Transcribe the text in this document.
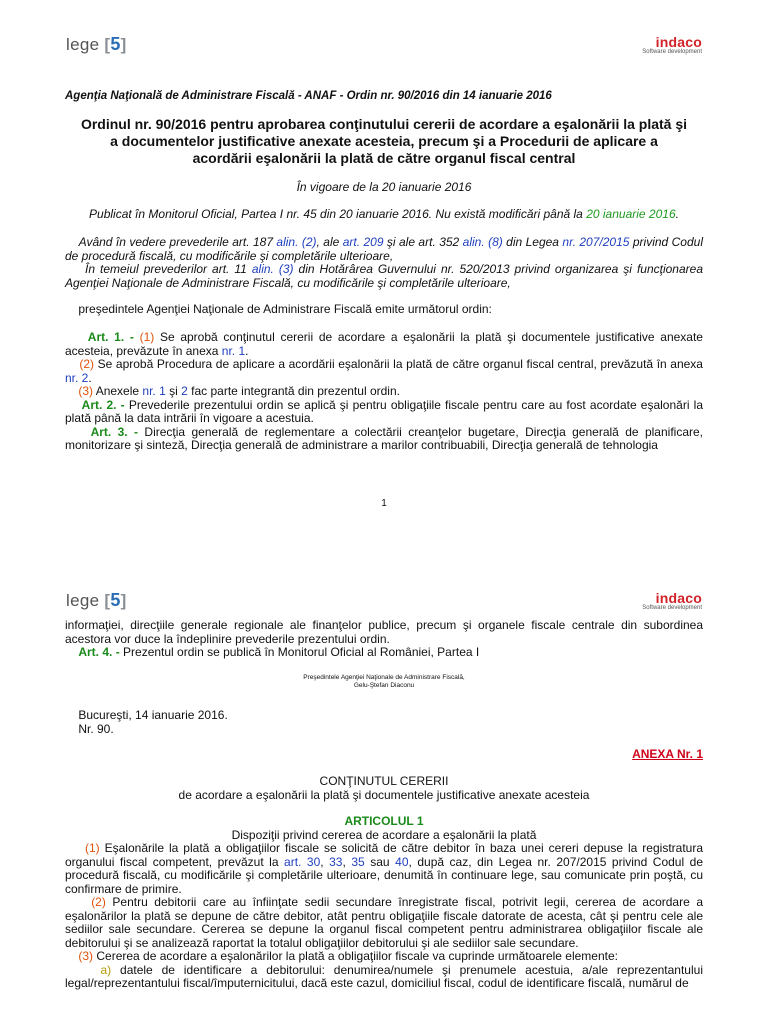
lege [5]	indaco
Software development

Agenţia Naţională de Administrare Fiscală - ANAF - Ordin nr. 90/2016 din 14 ianuarie 2016

Ordinul nr. 90/2016 pentru aprobarea conţinutului cererii de acordare a eşalonării la plată şi a documentelor justificative anexate acesteia, precum şi a Procedurii de aplicare a acordării eşalonării la plată de către organul fiscal central

În vigoare de la 20 ianuarie 2016

Publicat în Monitorul Oficial, Partea I nr. 45 din 20 ianuarie 2016. Nu există modificări până la 20 ianuarie 2016.

Având în vedere prevederile art. 187 alin. (2), ale art. 209 şi ale art. 352 alin. (8) din Legea nr. 207/2015 privind Codul de procedură fiscală, cu modificările şi completările ulterioare,

În temeiul prevederilor art. 11 alin. (3) din Hotărârea Guvernului nr. 520/2013 privind organizarea şi funcţionarea Agenţiei Naţionale de Administrare Fiscală, cu modificările şi completările ulterioare,

preşedintele Agenţiei Naţionale de Administrare Fiscală emite următorul ordin:

Art. 1. - (1) Se aprobă conţinutul cererii de acordare a eşalonării la plată şi documentele justificative anexate acesteia, prevăzute în anexa nr. 1.

(2) Se aprobă Procedura de aplicare a acordării eşalonării la plată de către organul fiscal central, prevăzută în anexa nr. 2.

(3) Anexele nr. 1 şi 2 fac parte integrantă din prezentul ordin.

Art. 2. - Prevederile prezentului ordin se aplică şi pentru obligaţiile fiscale pentru care au fost acordate eşalonări la plată până la data intrării în vigoare a acestuia.

Art. 3. - Direcţia generală de reglementare a colectării creanţelor bugetare, Direcţia generală de planificare, monitorizare şi sinteză, Direcţia generală de administrare a marilor contribuabili, Direcţia generală de tehnologia

1

lege [5]	indaco
Software development

informaţiei, direcţiile generale regionale ale finanţelor publice, precum şi organele fiscale centrale din subordinea acestora vor duce la îndeplinire prevederile prezentului ordin.

Art. 4. - Prezentul ordin se publică în Monitorul Oficial al României, Partea I

Preşedintele Agenţiei Naţionale de Administrare Fiscală,

Gelu-Ştefan Diaconu

Bucureşti, 14 ianuarie 2016.

Nr. 90.

ANEXA Nr. 1

CONŢINUTUL CERERII

de acordare a eşalonării la plată şi documentele justificative anexate acesteia

ARTICOLUL 1

Dispoziţii privind cererea de acordare a eşalonării la plată

(1) Eşalonările la plată a obligaţiilor fiscale se solicită de către debitor în baza unei cereri depuse la registratura organului fiscal competent, prevăzut la art. 30, 33, 35 sau 40, după caz, din Legea nr. 207/2015 privind Codul de procedură fiscală, cu modificările şi completările ulterioare, denumită în continuare lege, sau comunicate prin poştă, cu confirmare de primire.

(2) Pentru debitorii care au înfiinţate sedii secundare înregistrate fiscal, potrivit legii, cererea de acordare a eşalonărilor la plată se depune de către debitor, atât pentru obligaţiile fiscale datorate de acesta, cât şi pentru cele ale sediilor sale secundare. Cererea se depune la organul fiscal competent pentru administrarea obligaţiilor fiscale ale debitorului şi se analizează raportat la totalul obligaţiilor debitorului şi ale sediilor sale secundare.

(3) Cererea de acordare a eşalonărilor la plată a obligaţiilor fiscale va cuprinde următoarele elemente:

a) datele de identificare a debitorului: denumirea/numele şi prenumele acestuia, a/ale reprezentantului legal/reprezentantului fiscal/împuternicitului, dacă este cazul, domiciliul fiscal, codul de identificare fiscală, numărul de
